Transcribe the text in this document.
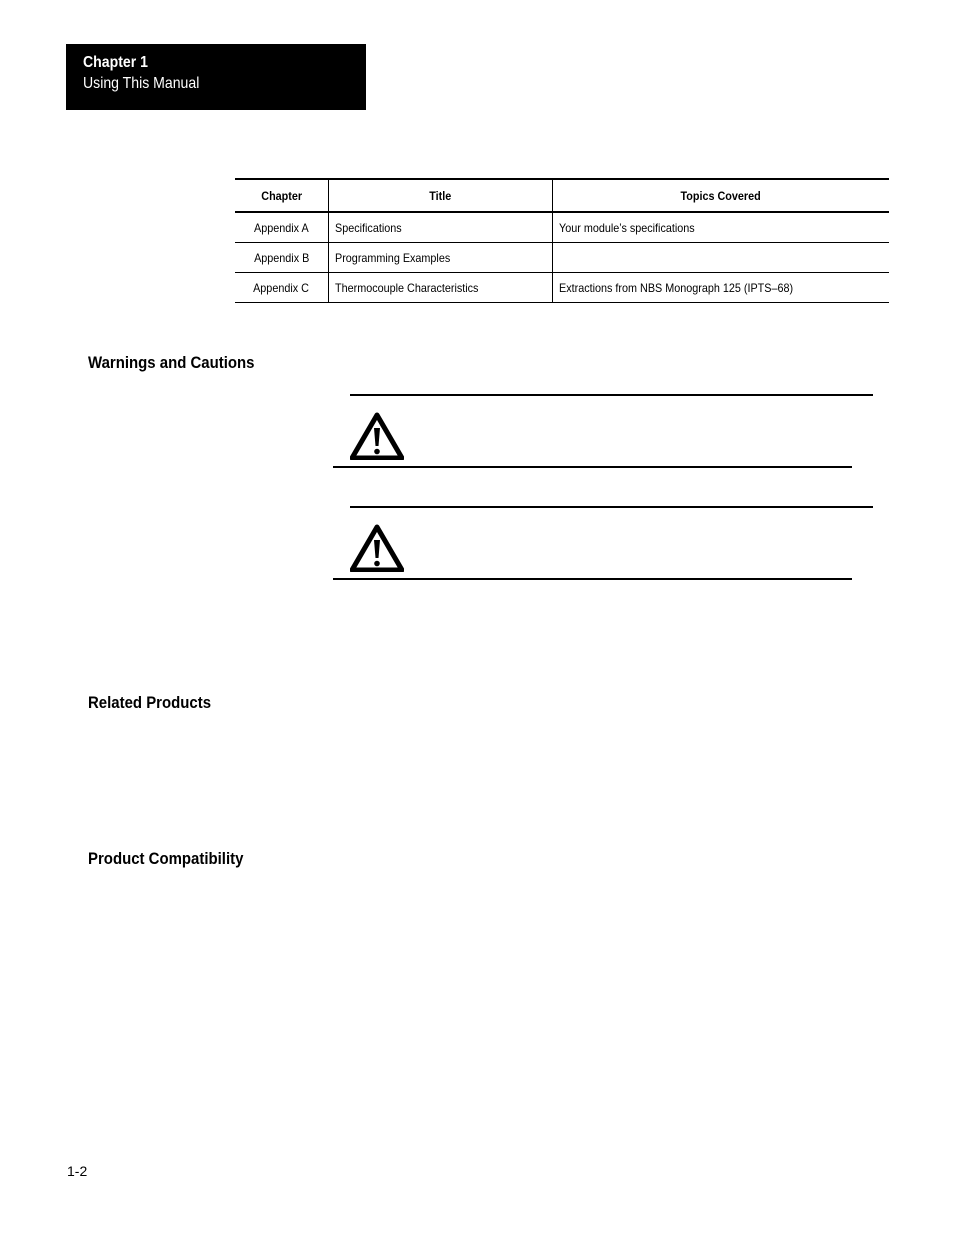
Chapter 1
Using This Manual
Chapter	Title	Topics Covered
Appendix A	Specifications	Your module’s specifications
Appendix B	Programming Examples	
Appendix C	Thermocouple Characteristics	Extractions from NBS Monograph 125 (IPTS–68)
Warnings and Cautions
Related Products
Product Compatibility
1-2
